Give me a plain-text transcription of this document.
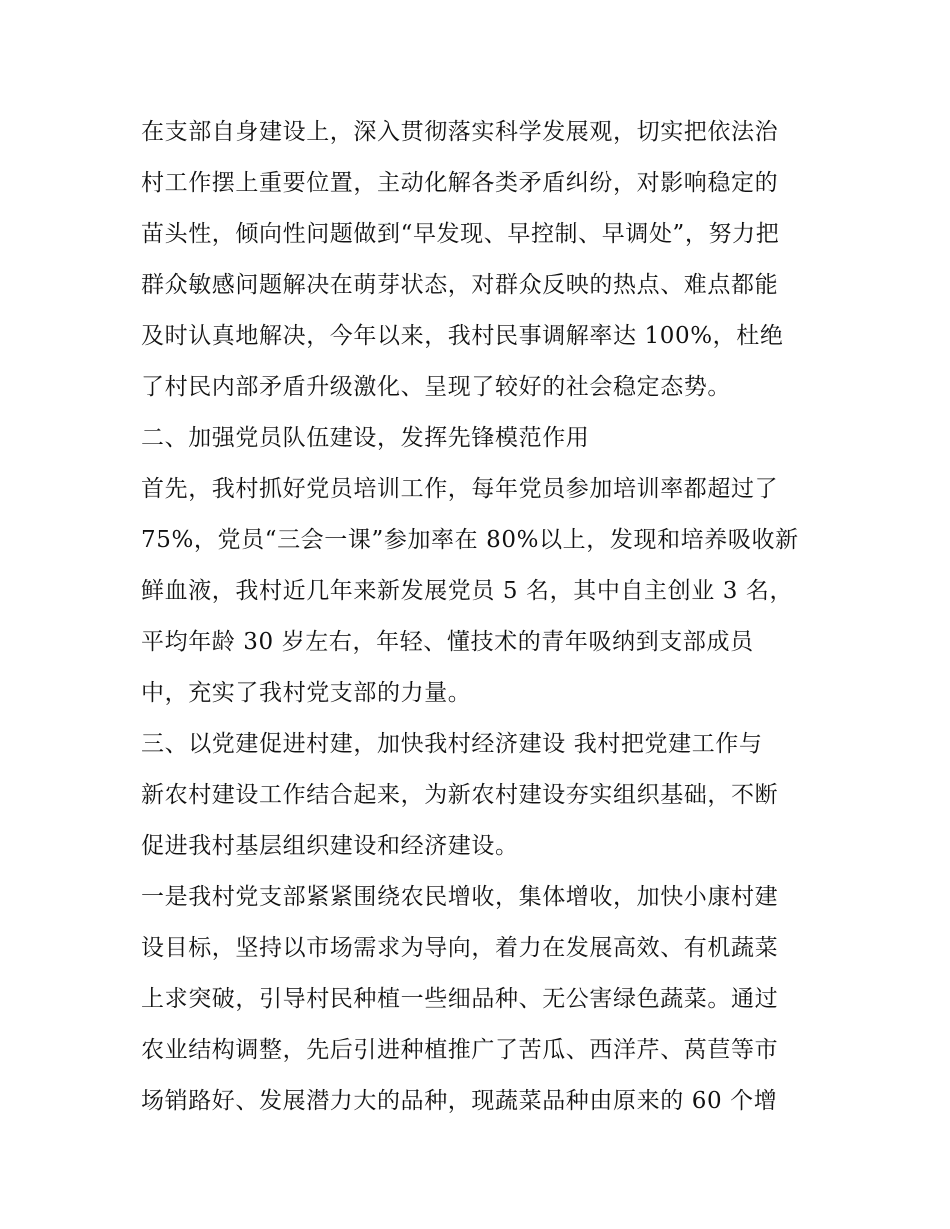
在支部自身建设上，深入贯彻落实科学发展观，切实把依法治
村工作摆上重要位置，主动化解各类矛盾纠纷，对影响稳定的
苗头性，倾向性问题做到“早发现、早控制、早调处”，努力把
群众敏感问题解决在萌芽状态，对群众反映的热点、难点都能
及时认真地解决，今年以来，我村民事调解率达 100%，杜绝
了村民内部矛盾升级激化、呈现了较好的社会稳定态势。
二、加强党员队伍建设，发挥先锋模范作用
首先，我村抓好党员培训工作，每年党员参加培训率都超过了
75%，党员“三会一课”参加率在 80%以上，发现和培养吸收新
鲜血液，我村近几年来新发展党员 5 名，其中自主创业 3 名，
平均年龄 30 岁左右，年轻、懂技术的青年吸纳到支部成员
中，充实了我村党支部的力量。
三、以党建促进村建，加快我村经济建设 我村把党建工作与
新农村建设工作结合起来，为新农村建设夯实组织基础，不断
促进我村基层组织建设和经济建设。
一是我村党支部紧紧围绕农民增收，集体增收，加快小康村建
设目标，坚持以市场需求为导向，着力在发展高效、有机蔬菜
上求突破，引导村民种植一些细品种、无公害绿色蔬菜。通过
农业结构调整，先后引进种植推广了苦瓜、西洋芹、莴苣等市
场销路好、发展潜力大的品种，现蔬菜品种由原来的 60 个增
